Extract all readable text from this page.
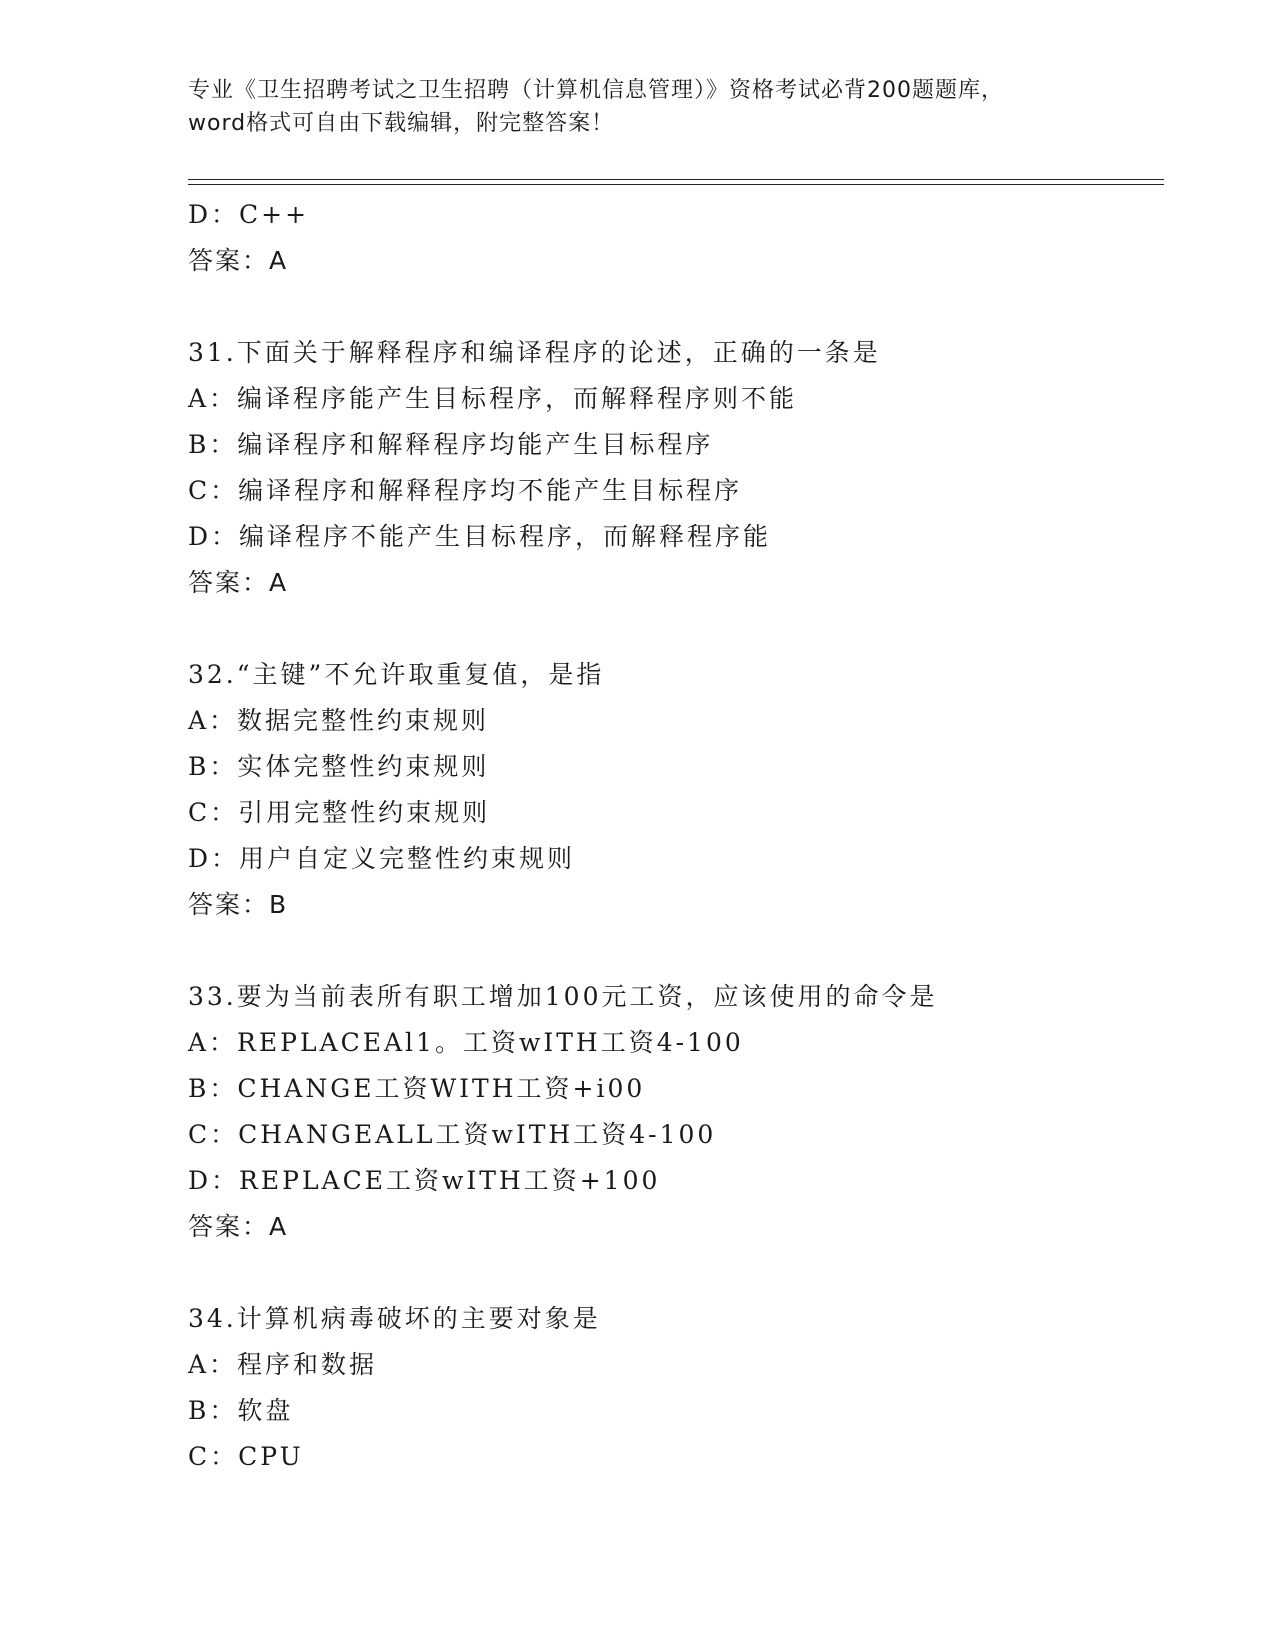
专业《卫生招聘考试之卫生招聘（计算机信息管理）》资格考试必背200题题库，
word格式可自由下载编辑，附完整答案！
D：C++
答案：A
31.下面关于解释程序和编译程序的论述，正确的一条是
A：编译程序能产生目标程序，而解释程序则不能
B：编译程序和解释程序均能产生目标程序
C：编译程序和解释程序均不能产生目标程序
D：编译程序不能产生目标程序，而解释程序能
答案：A
32.“主键”不允许取重复值，是指
A：数据完整性约束规则
B：实体完整性约束规则
C：引用完整性约束规则
D：用户自定义完整性约束规则
答案：B
33.要为当前表所有职工增加100元工资，应该使用的命令是
A：REPLACEAl1。工资wITH工资4-100
B：CHANGE工资WITH工资+i00
C：CHANGEALL工资wITH工资4-100
D：REPLACE工资wITH工资+100
答案：A
34.计算机病毒破坏的主要对象是
A：程序和数据
B：软盘
C：CPU
